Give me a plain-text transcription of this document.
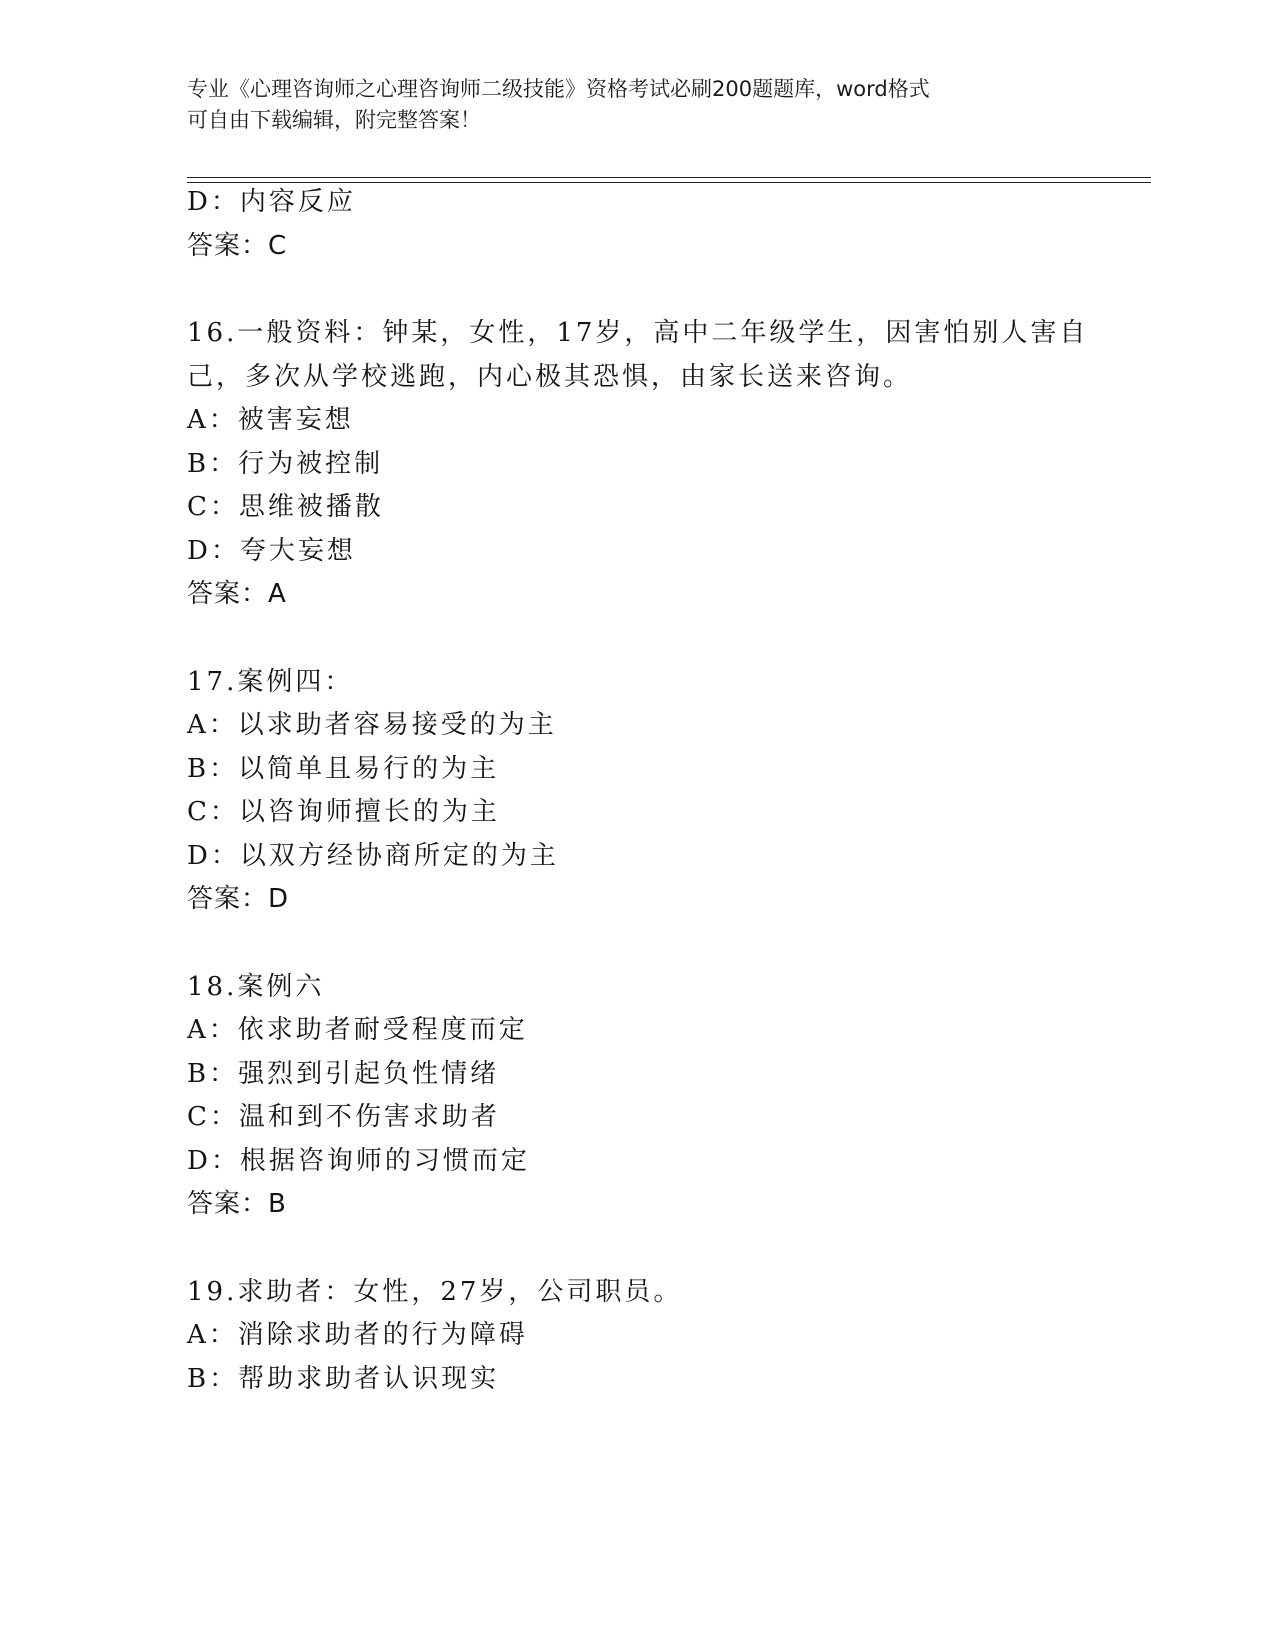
专业《心理咨询师之心理咨询师二级技能》资格考试必刷200题题库，word格式
可自由下载编辑，附完整答案！
D：内容反应
答案：C
16.一般资料：钟某，女性，17岁，高中二年级学生，因害怕别人害自
己，多次从学校逃跑，内心极其恐惧，由家长送来咨询。
A：被害妄想
B：行为被控制
C：思维被播散
D：夸大妄想
答案：A
17.案例四：
A：以求助者容易接受的为主
B：以简单且易行的为主
C：以咨询师擅长的为主
D：以双方经协商所定的为主
答案：D
18.案例六
A：依求助者耐受程度而定
B：强烈到引起负性情绪
C：温和到不伤害求助者
D：根据咨询师的习惯而定
答案：B
19.求助者：女性，27岁，公司职员。
A：消除求助者的行为障碍
B：帮助求助者认识现实
